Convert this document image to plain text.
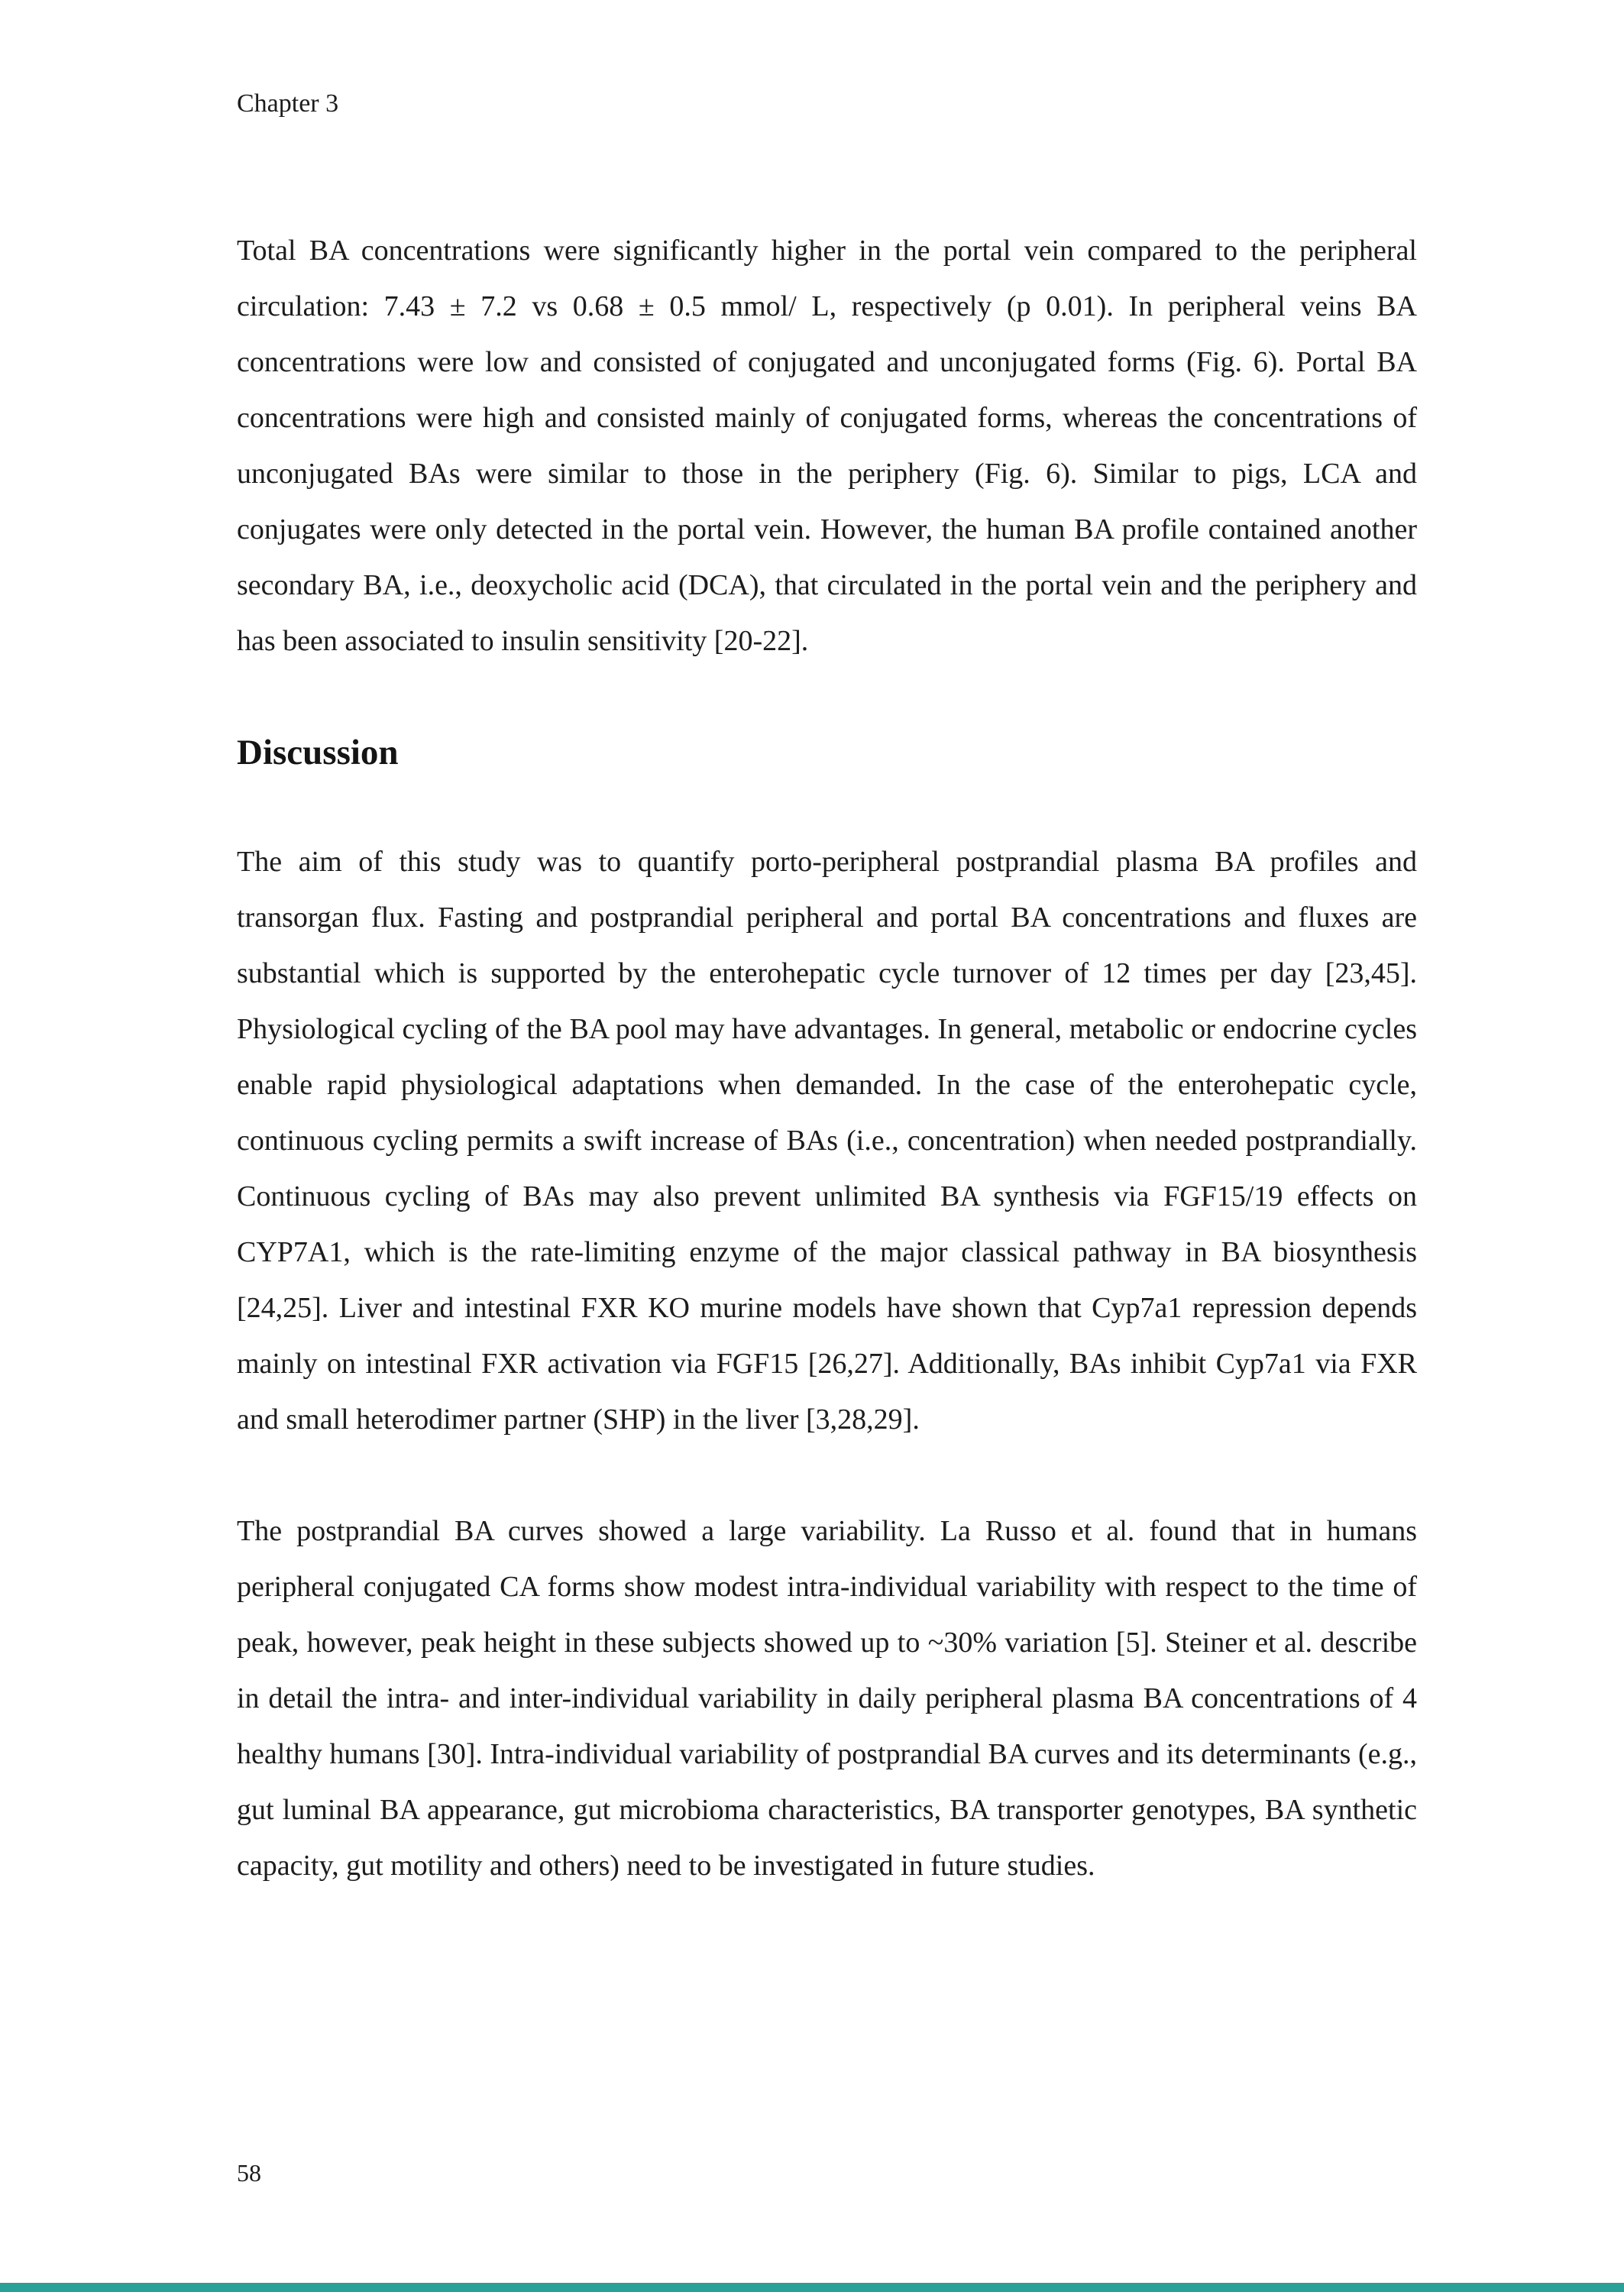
Chapter 3

Total BA concentrations were significantly higher in the portal vein compared to the peripheral circulation: 7.43 ± 7.2 vs 0.68 ± 0.5 mmol/ L, respectively (p 0.01). In peripheral veins BA concentrations were low and consisted of conjugated and unconjugated forms (Fig. 6). Portal BA concentrations were high and consisted mainly of conjugated forms, whereas the concentrations of unconjugated BAs were similar to those in the periphery (Fig. 6). Similar to pigs, LCA and conjugates were only detected in the portal vein. However, the human BA profile contained another secondary BA, i.e., deoxycholic acid (DCA), that circulated in the portal vein and the periphery and has been associated to insulin sensitivity [20-22].

Discussion

The aim of this study was to quantify porto-peripheral postprandial plasma BA profiles and transorgan flux. Fasting and postprandial peripheral and portal BA concentrations and fluxes are substantial which is supported by the enterohepatic cycle turnover of 12 times per day [23,45]. Physiological cycling of the BA pool may have advantages. In general, metabolic or endocrine cycles enable rapid physiological adaptations when demanded. In the case of the enterohepatic cycle, continuous cycling permits a swift increase of BAs (i.e., concentration) when needed postprandially. Continuous cycling of BAs may also prevent unlimited BA synthesis via FGF15/19 effects on CYP7A1, which is the rate-limiting enzyme of the major classical pathway in BA biosynthesis [24,25]. Liver and intestinal FXR KO murine models have shown that Cyp7a1 repression depends mainly on intestinal FXR activation via FGF15 [26,27]. Additionally, BAs inhibit Cyp7a1 via FXR and small heterodimer partner (SHP) in the liver [3,28,29].

The postprandial BA curves showed a large variability. La Russo et al. found that in humans peripheral conjugated CA forms show modest intra-individual variability with respect to the time of peak, however, peak height in these subjects showed up to ~30% variation [5]. Steiner et al. describe in detail the intra- and inter-individual variability in daily peripheral plasma BA concentrations of 4 healthy humans [30]. Intra-individual variability of postprandial BA curves and its determinants (e.g., gut luminal BA appearance, gut microbioma characteristics, BA transporter genotypes, BA synthetic capacity, gut motility and others) need to be investigated in future studies.

58
